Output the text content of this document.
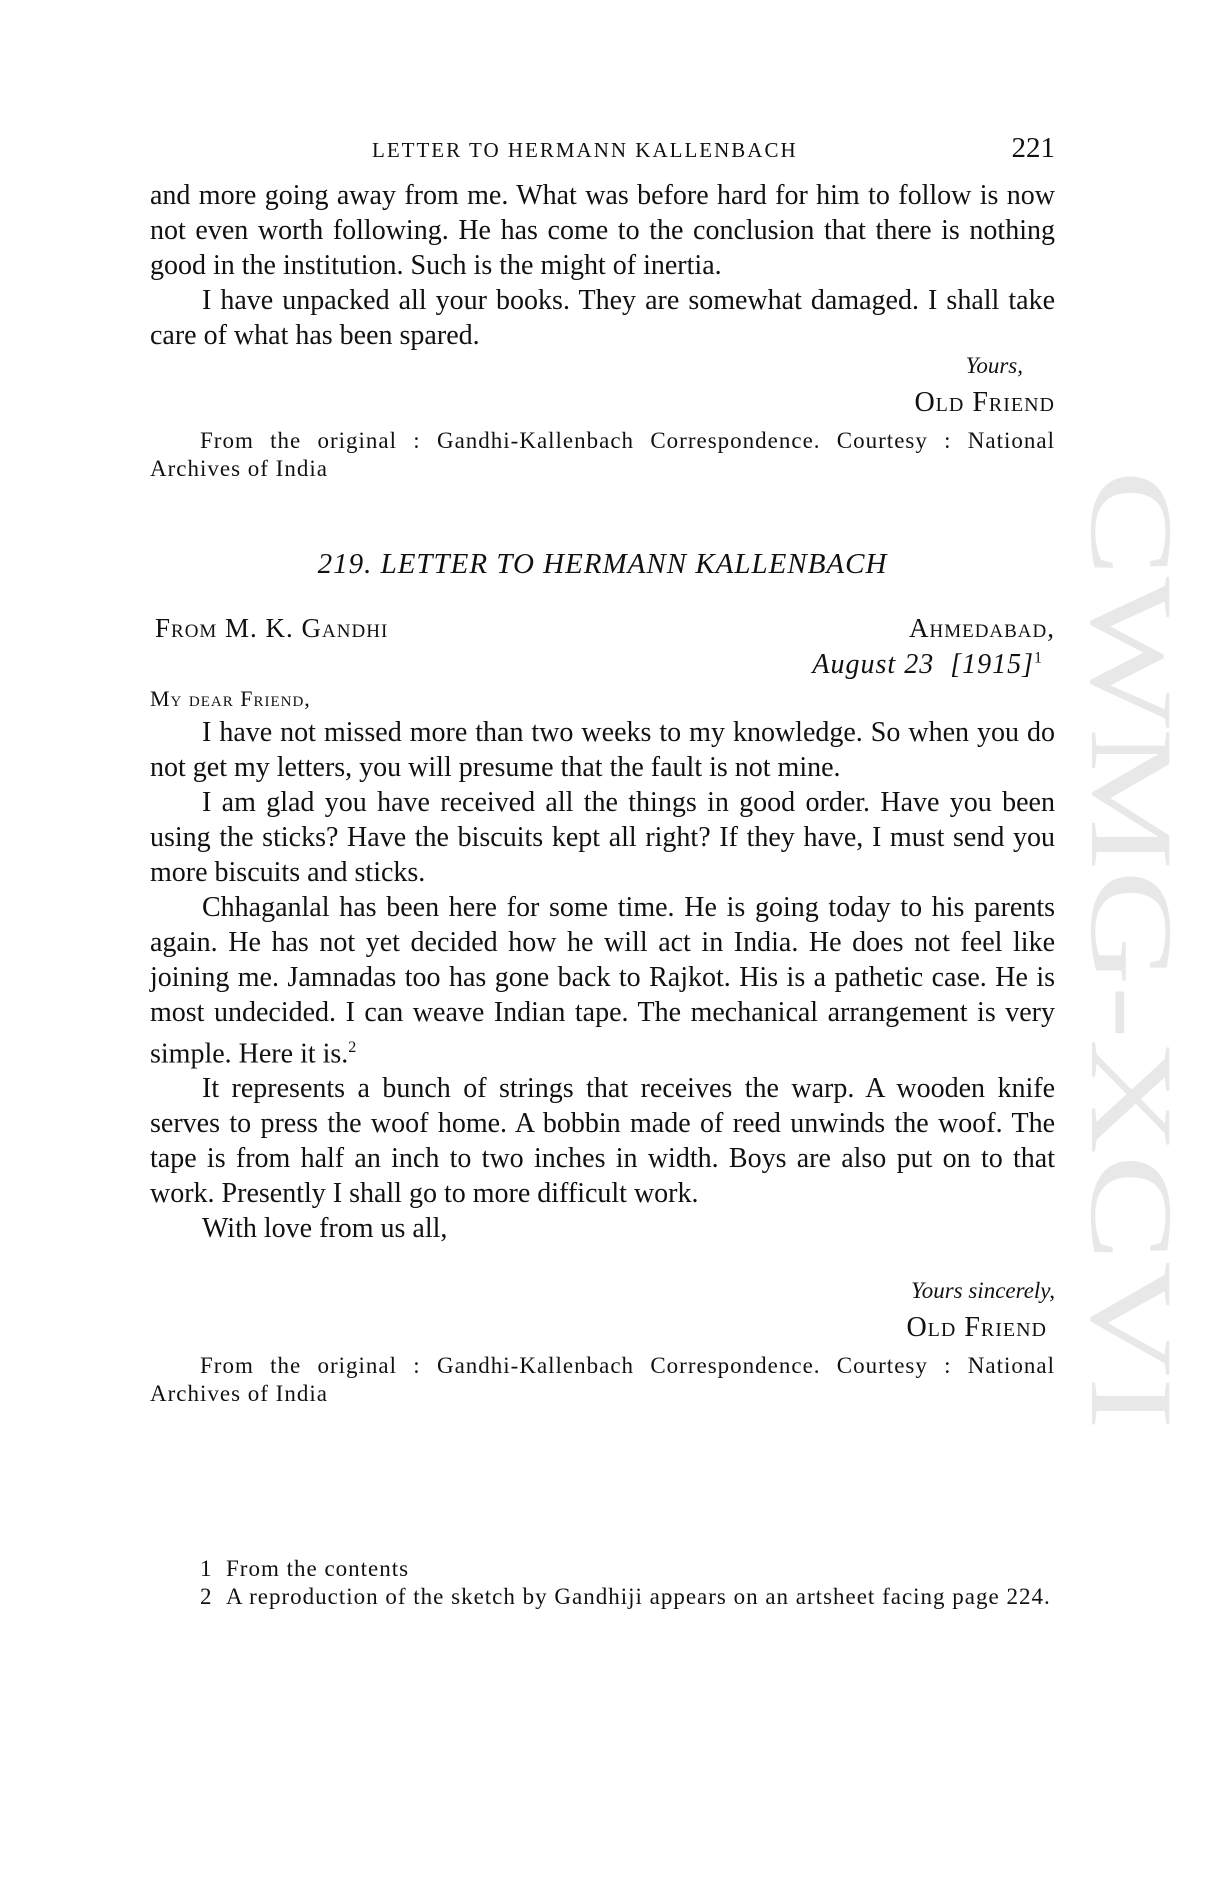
CWMG-XCVI
LETTER TO HERMANN KALLENBACH	221

and more going away from me. What was before hard for him to follow is now not even worth following. He has come to the conclusion that there is nothing good in the institution. Such is the might of inertia.

I have unpacked all your books. They are somewhat damaged. I shall take care of what has been spared.

Yours,
Old Friend

From the original : Gandhi-Kallenbach Correspondence. Courtesy : National Archives of India

219. LETTER TO HERMANN KALLENBACH
From M. K. Gandhi	Ahmedabad,
August 23 $[1915]^1$
My dear Friend,

I have not missed more than two weeks to my knowledge. So when you do not get my letters, you will presume that the fault is not mine.

I am glad you have received all the things in good order. Have you been using the sticks? Have the biscuits kept all right? If they have, I must send you more biscuits and sticks.

Chhaganlal has been here for some time. He is going today to his parents again. He has not yet decided how he will act in India. He does not feel like joining me. Jamnadas too has gone back to Rajkot. His is a pathetic case. He is most undecided. I can weave Indian tape. The mechanical arrangement is very simple. Here it is.$^2$

It represents a bunch of strings that receives the warp. A wooden knife serves to press the woof home. A bobbin made of reed unwinds the woof. The tape is from half an inch to two inches in width. Boys are also put on to that work. Presently I shall go to more difficult work.

With love from us all,

Yours sincerely,
Old Friend

From the original : Gandhi-Kallenbach Correspondence. Courtesy : National Archives of India

1 From the contents

2 A reproduction of the sketch by Gandhiji appears on an artsheet facing page 224.
